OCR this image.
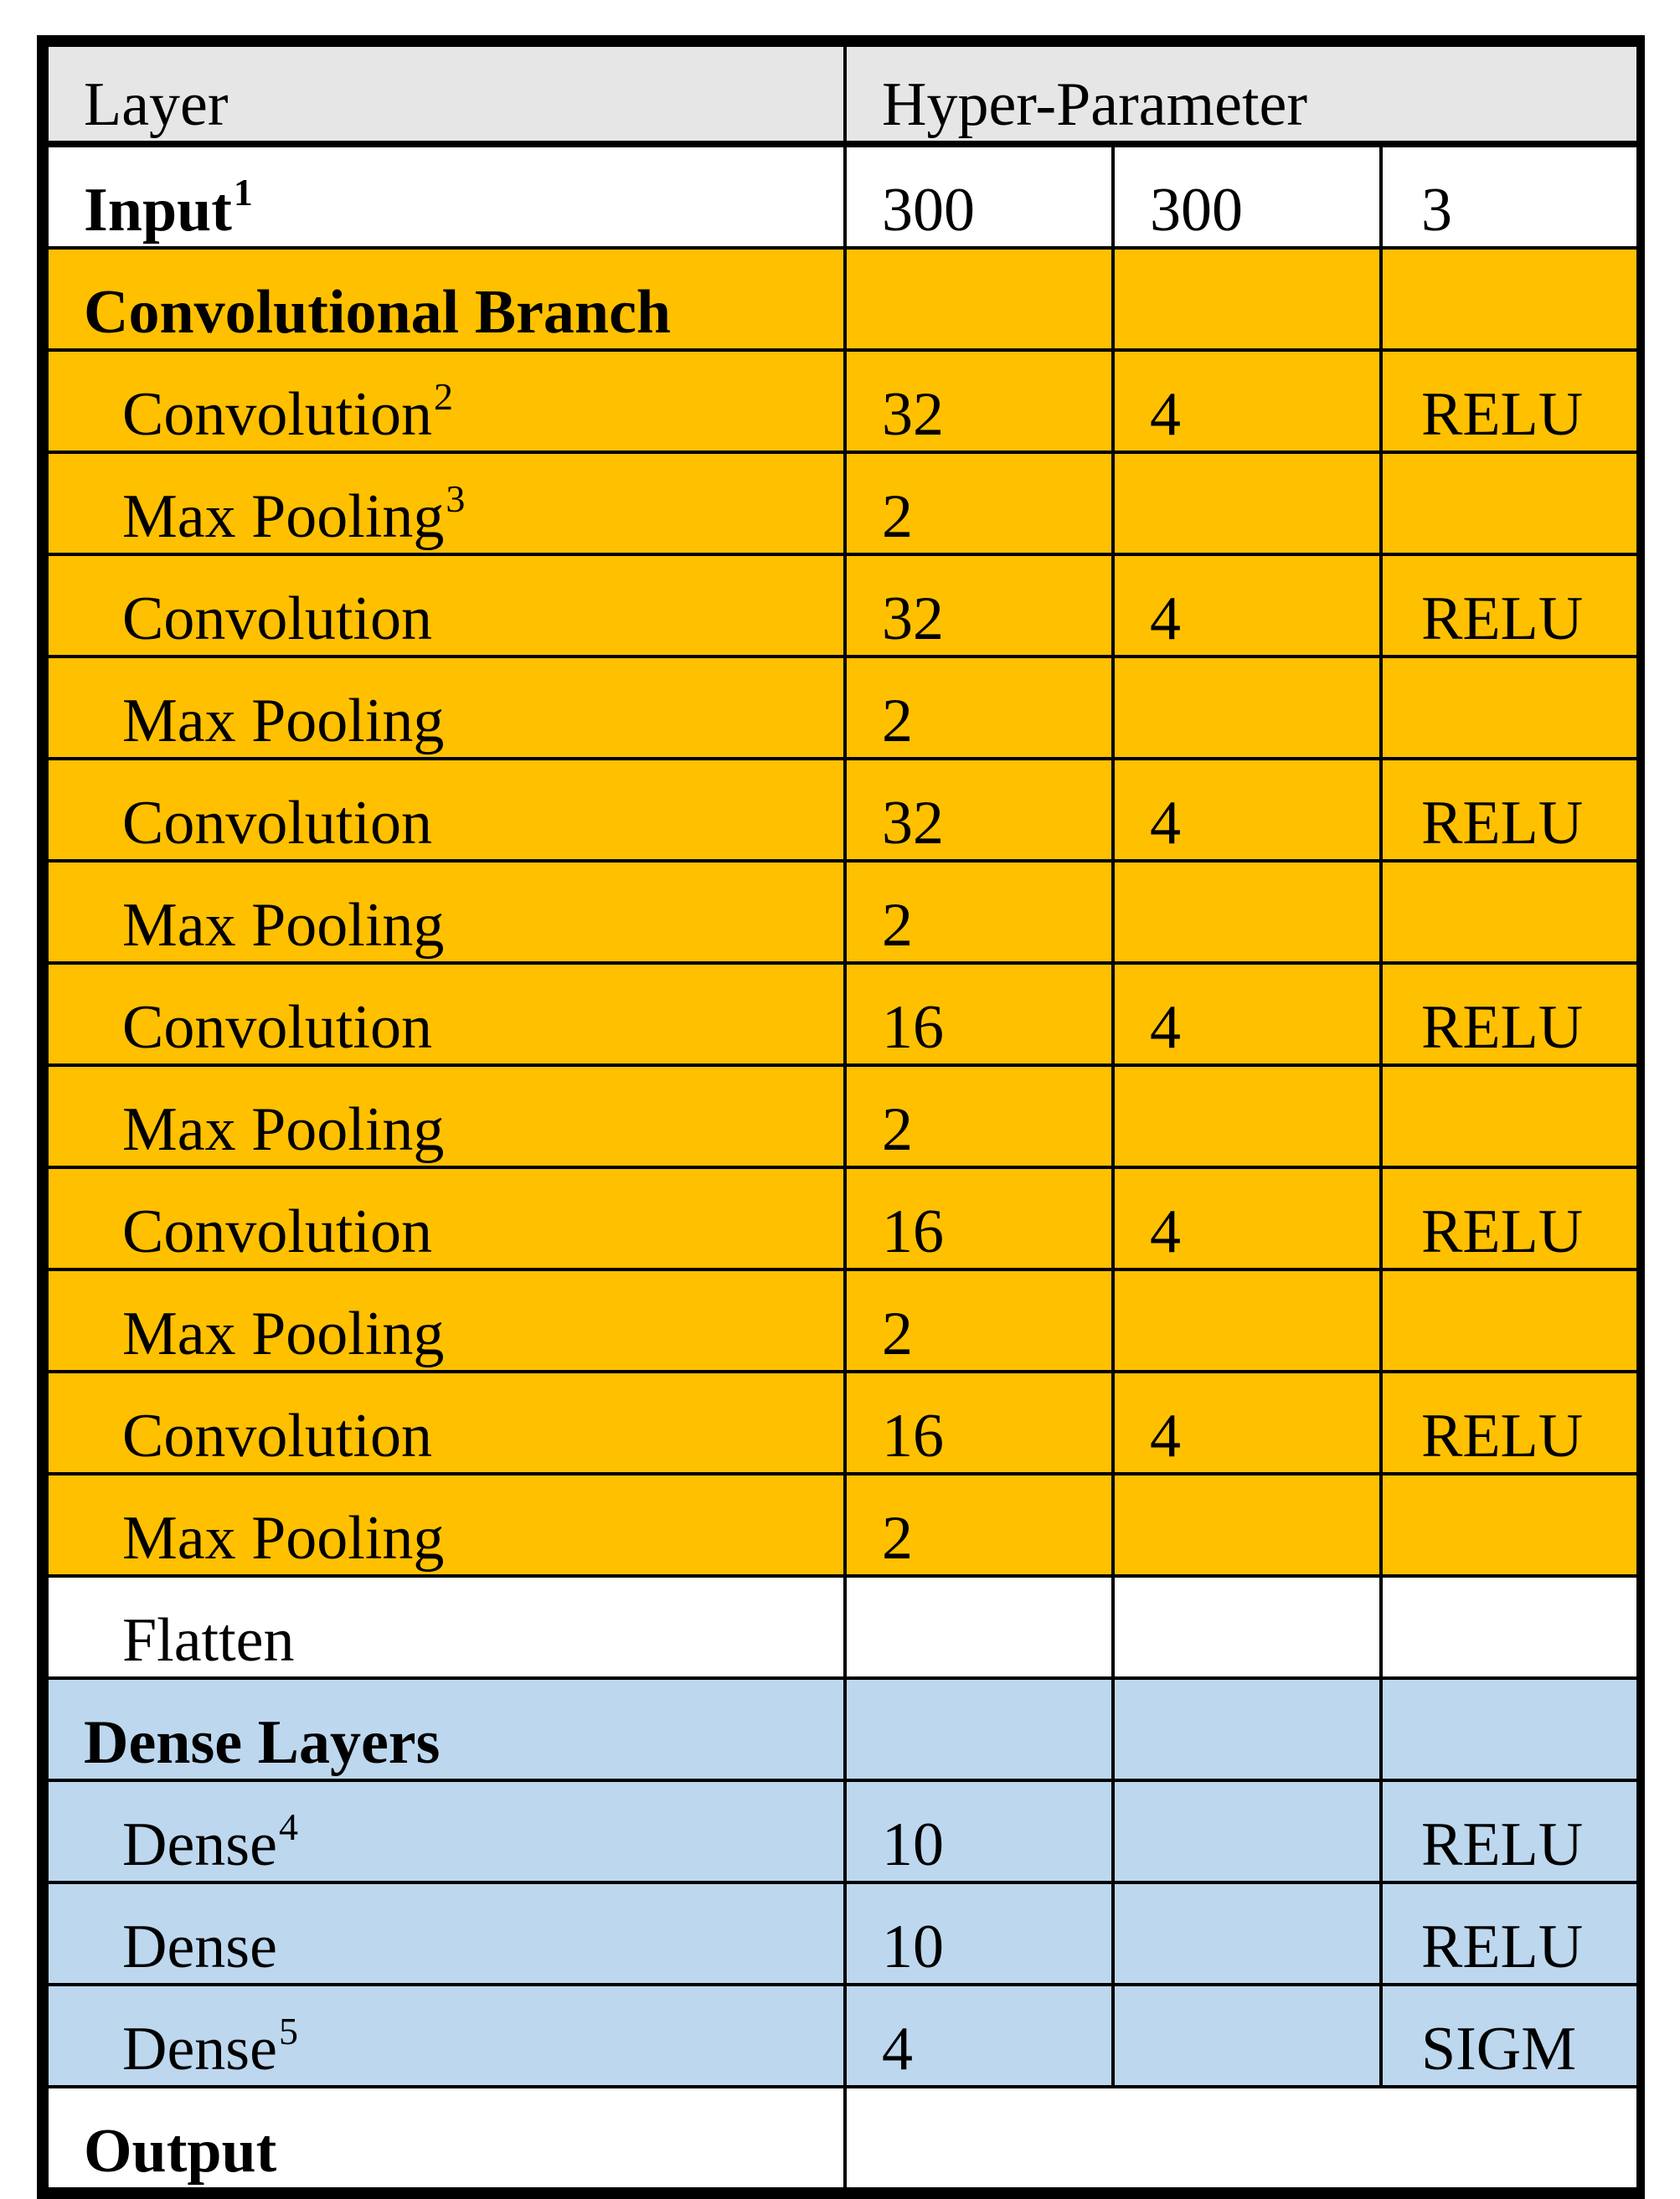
Layer	Hyper-Parameter		
Input$^1$	300	300	3
Convolutional Branch			
Convolution$^2$	32	4	RELU
Max Pooling$^3$	2		
Convolution	32	4	RELU
Max Pooling	2		
Convolution	32	4	RELU
Max Pooling	2		
Convolution	16	4	RELU
Max Pooling	2		
Convolution	16	4	RELU
Max Pooling	2		
Convolution	16	4	RELU
Max Pooling	2		
Flatten			
Dense Layers			
Dense$^4$	10		RELU
Dense	10		RELU
Dense$^5$	4		SIGM
Output			
